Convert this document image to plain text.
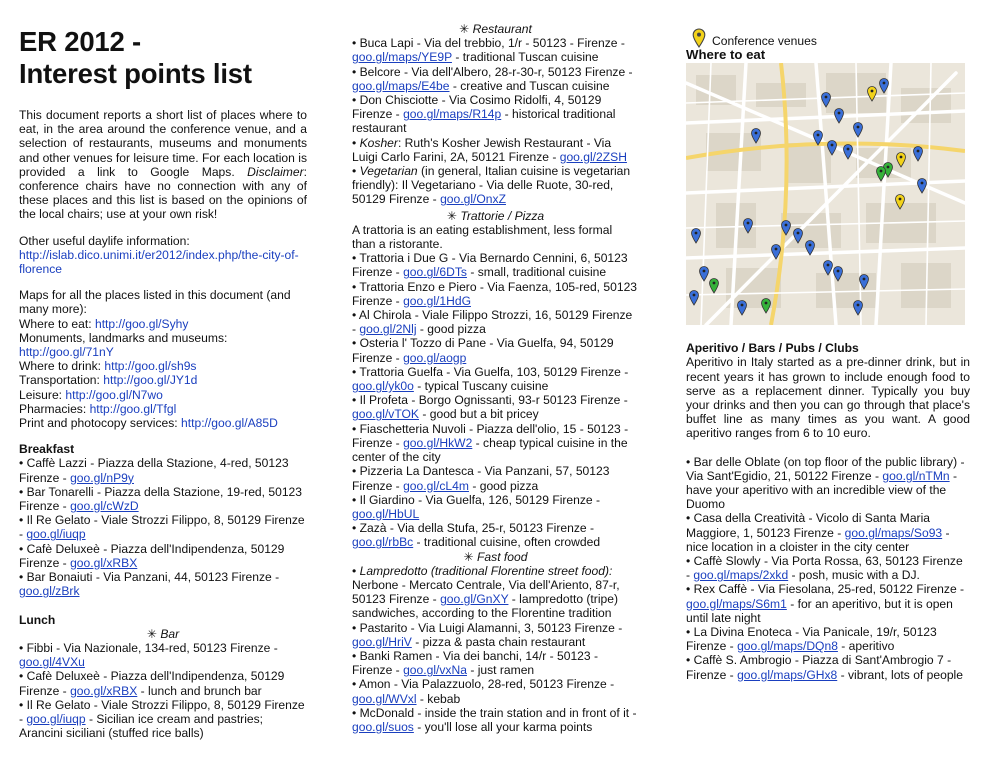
ER 2012 -
Interest points list

This document reports a short list of places where to eat, in the area around the conference venue, and a selection of restaurants, museums and monuments and other venues for leisure time. For each location is provided a link to Google Maps. Disclaimer: conference chairs have no connection with any of these places and this list is based on the opinions of the local chairs; use at your own risk!

Other useful daylife information:
http://islab.dico.unimi.it/er2012/index.php/the-city-of-florence

Maps for all the places listed in this document (and many more):
Where to eat: http://goo.gl/Syhy
Monuments, landmarks and museums: http://goo.gl/71nY
Where to drink: http://goo.gl/sh9s
Transportation: http://goo.gl/JY1d
Leisure: http://goo.gl/N7wo
Pharmacies: http://goo.gl/Tfgl
Print and photocopy services: http://goo.gl/A85D
Breakfast
• Caffè Lazzi - Piazza della Stazione, 4-red, 50123 Firenze - goo.gl/nP9y
• Bar Tonarelli - Piazza della Stazione, 19-red, 50123 Firenze - goo.gl/cWzD
• Il Re Gelato - Viale Strozzi Filippo, 8, 50129 Firenze - goo.gl/iuqp
• Cafè Deluxeè - Piazza dell'Indipendenza, 50129 Firenze - goo.gl/xRBX
• Bar Bonaiuti - Via Panzani, 44, 50123 Firenze - goo.gl/zBrk
Lunch
✳ Bar
• Fibbi - Via Nazionale, 134-red, 50123 Firenze - goo.gl/4VXu
• Cafè Deluxeè - Piazza dell'Indipendenza, 50129 Firenze - goo.gl/xRBX - lunch and brunch bar
• Il Re Gelato - Viale Strozzi Filippo, 8, 50129 Firenze - goo.gl/iuqp - Sicilian ice cream and pastries; Arancini siciliani (stuffed rice balls)
✳ Restaurant
• Buca Lapi - Via del trebbio, 1/r - 50123 - Firenze - goo.gl/maps/YE9P - traditional Tuscan cuisine
• Belcore - Via dell'Albero, 28-r-30-r, 50123 Firenze - goo.gl/maps/E4be - creative and Tuscan cuisine
• Don Chisciotte - Via Cosimo Ridolfi, 4, 50129 Firenze - goo.gl/maps/R14p - historical traditional restaurant
• Kosher: Ruth's Kosher Jewish Restaurant - Via Luigi Carlo Farini, 2A, 50121 Firenze - goo.gl/2ZSH
• Vegetarian (in general, Italian cuisine is vegetarian friendly): Il Vegetariano - Via delle Ruote, 30-red, 50129 Firenze - goo.gl/OnxZ
✳ Trattorie / Pizza
A trattoria is an eating establishment, less formal than a ristorante.
• Trattoria i Due G - Via Bernardo Cennini, 6, 50123 Firenze - goo.gl/6DTs - small, traditional cuisine
• Trattoria Enzo e Piero - Via Faenza, 105-red, 50123 Firenze - goo.gl/1HdG
• Al Chirola - Viale Filippo Strozzi, 16, 50129 Firenze - goo.gl/2Nlj - good pizza
• Osteria l' Tozzo di Pane - Via Guelfa, 94, 50129 Firenze - goo.gl/aogp
• Trattoria Guelfa - Via Guelfa, 103, 50129 Firenze - goo.gl/yk0o - typical Tuscany cuisine
• Il Profeta - Borgo Ognissanti, 93-r 50123 Firenze - goo.gl/vTOK - good but a bit pricey
• Fiaschetteria Nuvoli - Piazza dell'olio, 15 - 50123 - Firenze - goo.gl/HkW2 - cheap typical cuisine in the center of the city
• Pizzeria La Dantesca - Via Panzani, 57, 50123 Firenze - goo.gl/cL4m - good pizza
• Il Giardino - Via Guelfa, 126, 50129 Firenze - goo.gl/HbUL
• Zazà - Via della Stufa, 25-r, 50123 Firenze - goo.gl/rbBc - traditional cuisine, often crowded
✳ Fast food
• Lampredotto (traditional Florentine street food): Nerbone - Mercato Centrale, Via dell'Ariento, 87-r, 50123 Firenze - goo.gl/GnXY - lampredotto (tripe) sandwiches, according to the Florentine tradition
• Pastarito - Via Luigi Alamanni, 3, 50123 Firenze - goo.gl/HriV - pizza & pasta chain restaurant
• Banki Ramen - Via dei banchi, 14/r - 50123 - Firenze - goo.gl/vxNa - just ramen
• Amon - Via Palazzuolo, 28-red, 50123 Firenze - goo.gl/WVxl - kebab
• McDonald - inside the train station and in front of it - goo.gl/suos - you'll lose all your karma points
Conference venues
Where to eat
Aperitivo / Bars / Pubs / Clubs
Aperitivo in Italy started as a pre-dinner drink, but in recent years it has grown to include enough food to serve as a replacement dinner. Typically you buy your drinks and then you can go through that place's buffet line as many times as you want. A good aperitivo ranges from 6 to 10 euro.
• Bar delle Oblate (on top floor of the public library) - Via Sant'Egidio, 21, 50122 Firenze - goo.gl/nTMn - have your aperitivo with an incredible view of the Duomo
• Casa della Creatività - Vicolo di Santa Maria Maggiore, 1, 50123 Firenze - goo.gl/maps/So93 - nice location in a cloister in the city center
• Caffè Slowly - Via Porta Rossa, 63, 50123 Firenze - goo.gl/maps/2xkd - posh, music with a DJ.
• Rex Caffè - Via Fiesolana, 25-red, 50122 Firenze - goo.gl/maps/S6m1 - for an aperitivo, but it is open until late night
• La Divina Enoteca - Via Panicale, 19/r, 50123 Firenze - goo.gl/maps/DQn8 - aperitivo
• Caffè S. Ambrogio - Piazza di Sant'Ambrogio 7 - Firenze - goo.gl/maps/GHx8 - vibrant, lots of people
